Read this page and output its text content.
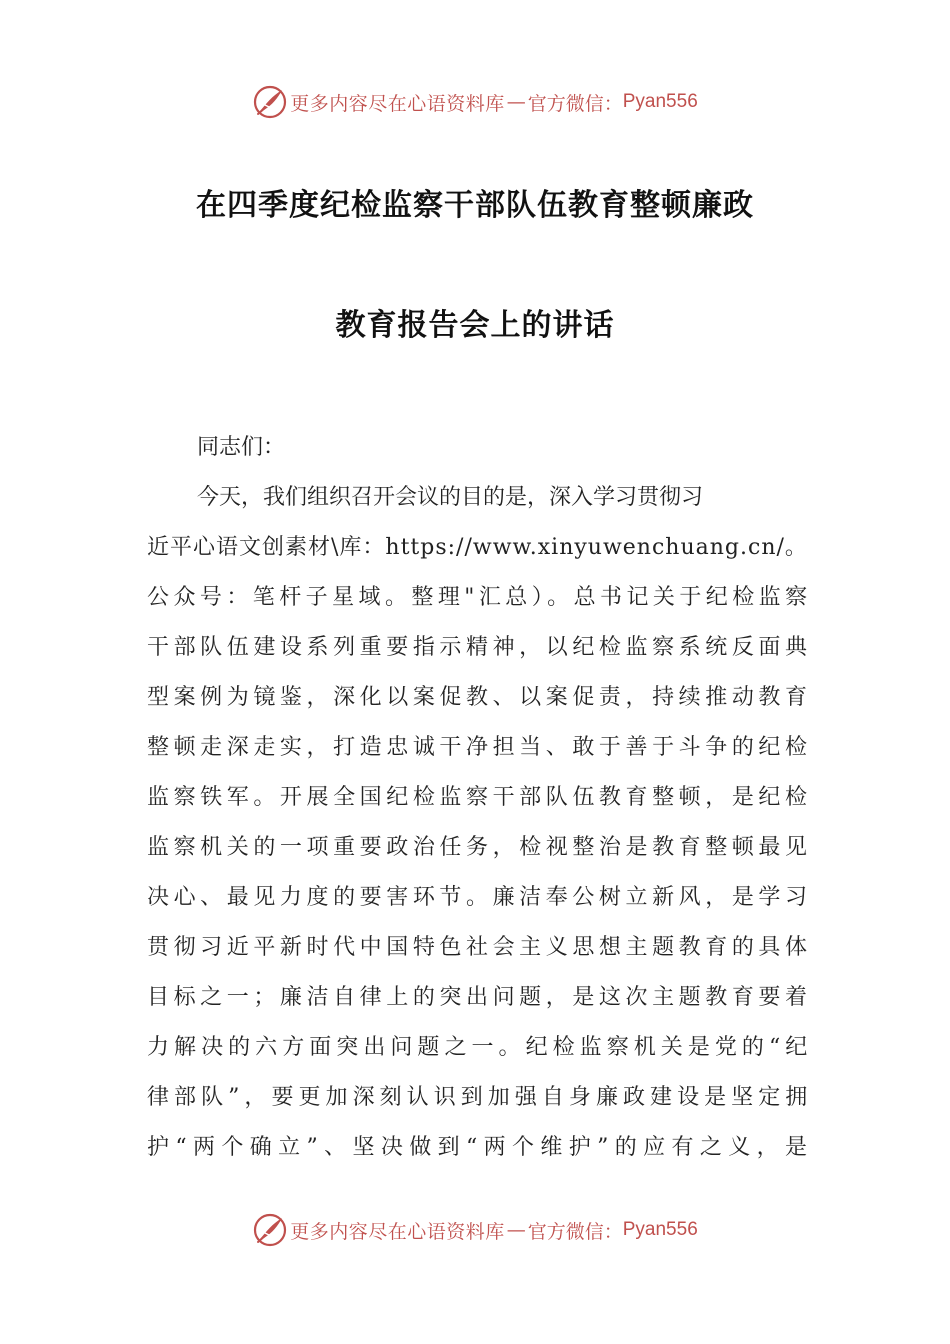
更多内容尽在心语资料库 — 官方微信： Pyan556
在四季度纪检监察干部队伍教育整顿廉政
教育报告会上的讲话
同志们：
今天，我们组织召开会议的目的是，深入学习贯彻习
近平心语文创素材\库：https://www.xinyuwenchuang.cn/。
公众号：笔杆子星域。整理"汇总）。总书记关于纪检监察
干部队伍建设系列重要指示精神，以纪检监察系统反面典
型案例为镜鉴，深化以案促教、以案促责，持续推动教育
整顿走深走实，打造忠诚干净担当、敢于善于斗争的纪检
监察铁军。开展全国纪检监察干部队伍教育整顿，是纪检
监察机关的一项重要政治任务，检视整治是教育整顿最见
决心、最见力度的要害环节。廉洁奉公树立新风，是学习
贯彻习近平新时代中国特色社会主义思想主题教育的具体
目标之一；廉洁自律上的突出问题，是这次主题教育要着
力解决的六方面突出问题之一。纪检监察机关是党的“纪
律部队”，要更加深刻认识到加强自身廉政建设是坚定拥
护“两个确立”、坚决做到“两个维护”的应有之义，是
更多内容尽在心语资料库 — 官方微信： Pyan556
